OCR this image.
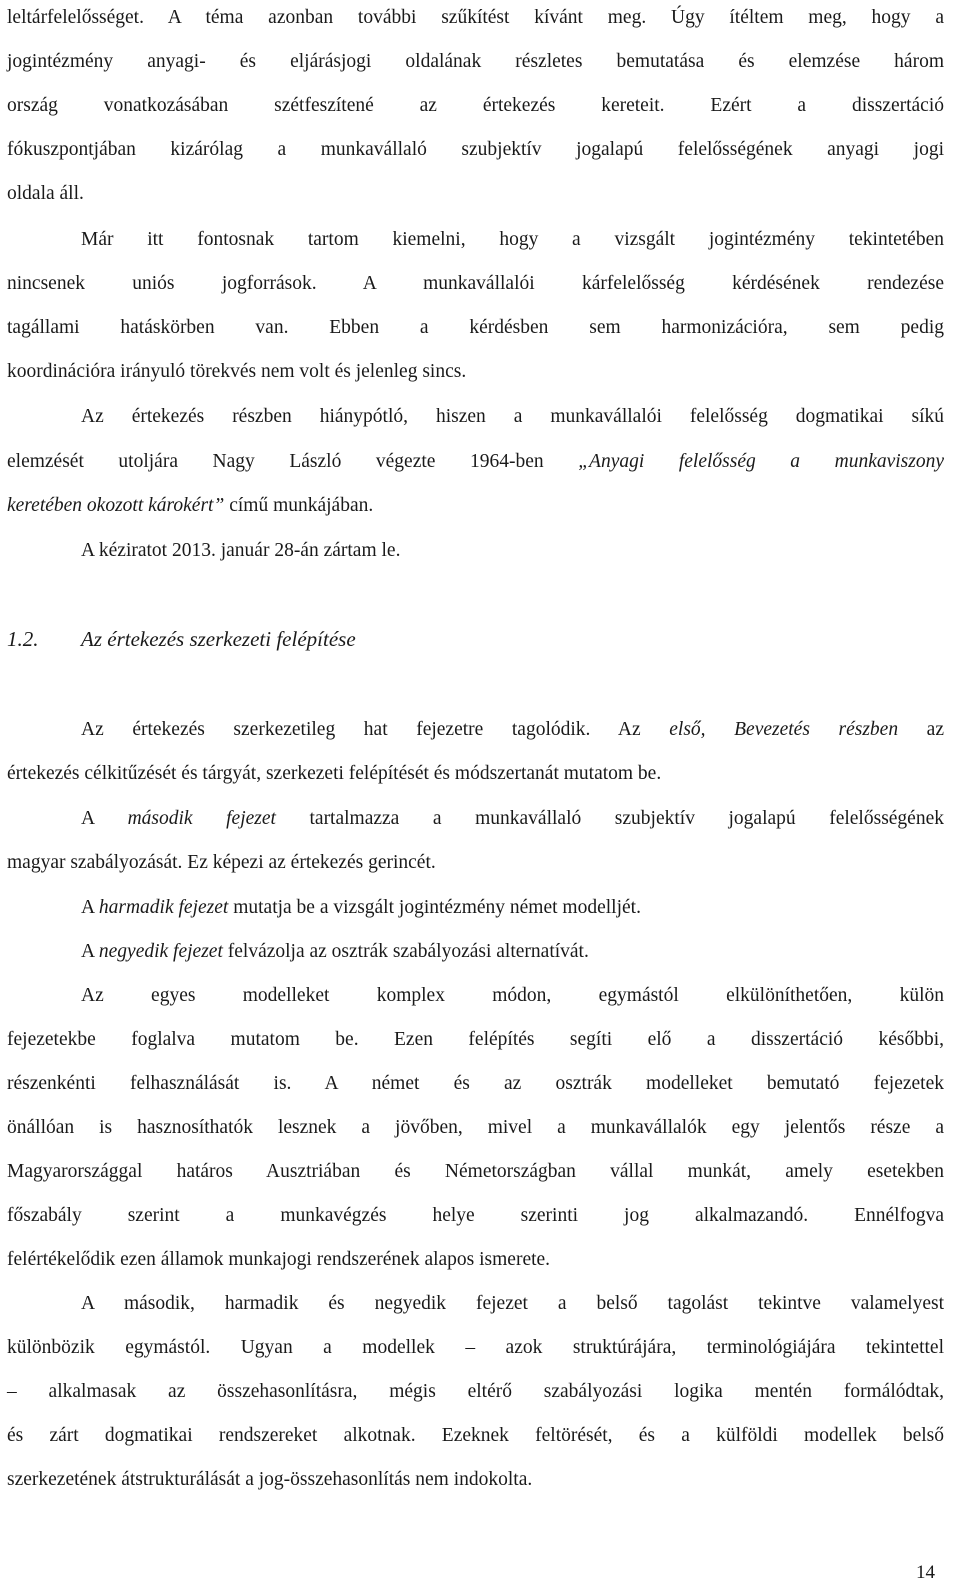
leltárfelelősséget. A téma azonban további szűkítést kívánt meg. Úgy ítéltem meg, hogy a
jogintézmény anyagi- és eljárásjogi oldalának részletes bemutatása és elemzése három
ország vonatkozásában szétfeszítené az értekezés kereteit. Ezért a disszertáció
fókuszpontjában kizárólag a munkavállaló szubjektív jogalapú felelősségének anyagi jogi
oldala áll.
Már itt fontosnak tartom kiemelni, hogy a vizsgált jogintézmény tekintetében
nincsenek uniós jogforrások. A munkavállalói kárfelelősség kérdésének rendezése
tagállami hatáskörben van. Ebben a kérdésben sem harmonizációra, sem pedig
koordinációra irányuló törekvés nem volt és jelenleg sincs.
Az értekezés részben hiánypótló, hiszen a munkavállalói felelősség dogmatikai síkú
elemzését utoljára Nagy László végezte 1964-ben „Anyagi felelősség a munkaviszony
keretében okozott károkért” című munkájában.
A kéziratot 2013. január 28-án zártam le.
1.2. Az értekezés szerkezeti felépítése
Az értekezés szerkezetileg hat fejezetre tagolódik. Az első, Bevezetés részben az
értekezés célkitűzését és tárgyát, szerkezeti felépítését és módszertanát mutatom be.
A második fejezet tartalmazza a munkavállaló szubjektív jogalapú felelősségének
magyar szabályozását. Ez képezi az értekezés gerincét.
A harmadik fejezet mutatja be a vizsgált jogintézmény német modelljét.
A negyedik fejezet felvázolja az osztrák szabályozási alternatívát.
Az egyes modelleket komplex módon, egymástól elkülöníthetően, külön
fejezetekbe foglalva mutatom be. Ezen felépítés segíti elő a disszertáció későbbi,
részenkénti felhasználását is. A német és az osztrák modelleket bemutató fejezetek
önállóan is hasznosíthatók lesznek a jövőben, mivel a munkavállalók egy jelentős része a
Magyarországgal határos Ausztriában és Németországban vállal munkát, amely esetekben
főszabály szerint a munkavégzés helye szerinti jog alkalmazandó. Ennélfogva
felértékelődik ezen államok munkajogi rendszerének alapos ismerete.
A második, harmadik és negyedik fejezet a belső tagolást tekintve valamelyest
különbözik egymástól. Ugyan a modellek – azok struktúrájára, terminológiájára tekintettel
– alkalmasak az összehasonlításra, mégis eltérő szabályozási logika mentén formálódtak,
és zárt dogmatikai rendszereket alkotnak. Ezeknek feltörését, és a külföldi modellek belső
szerkezetének átstrukturálását a jog-összehasonlítás nem indokolta.
14
